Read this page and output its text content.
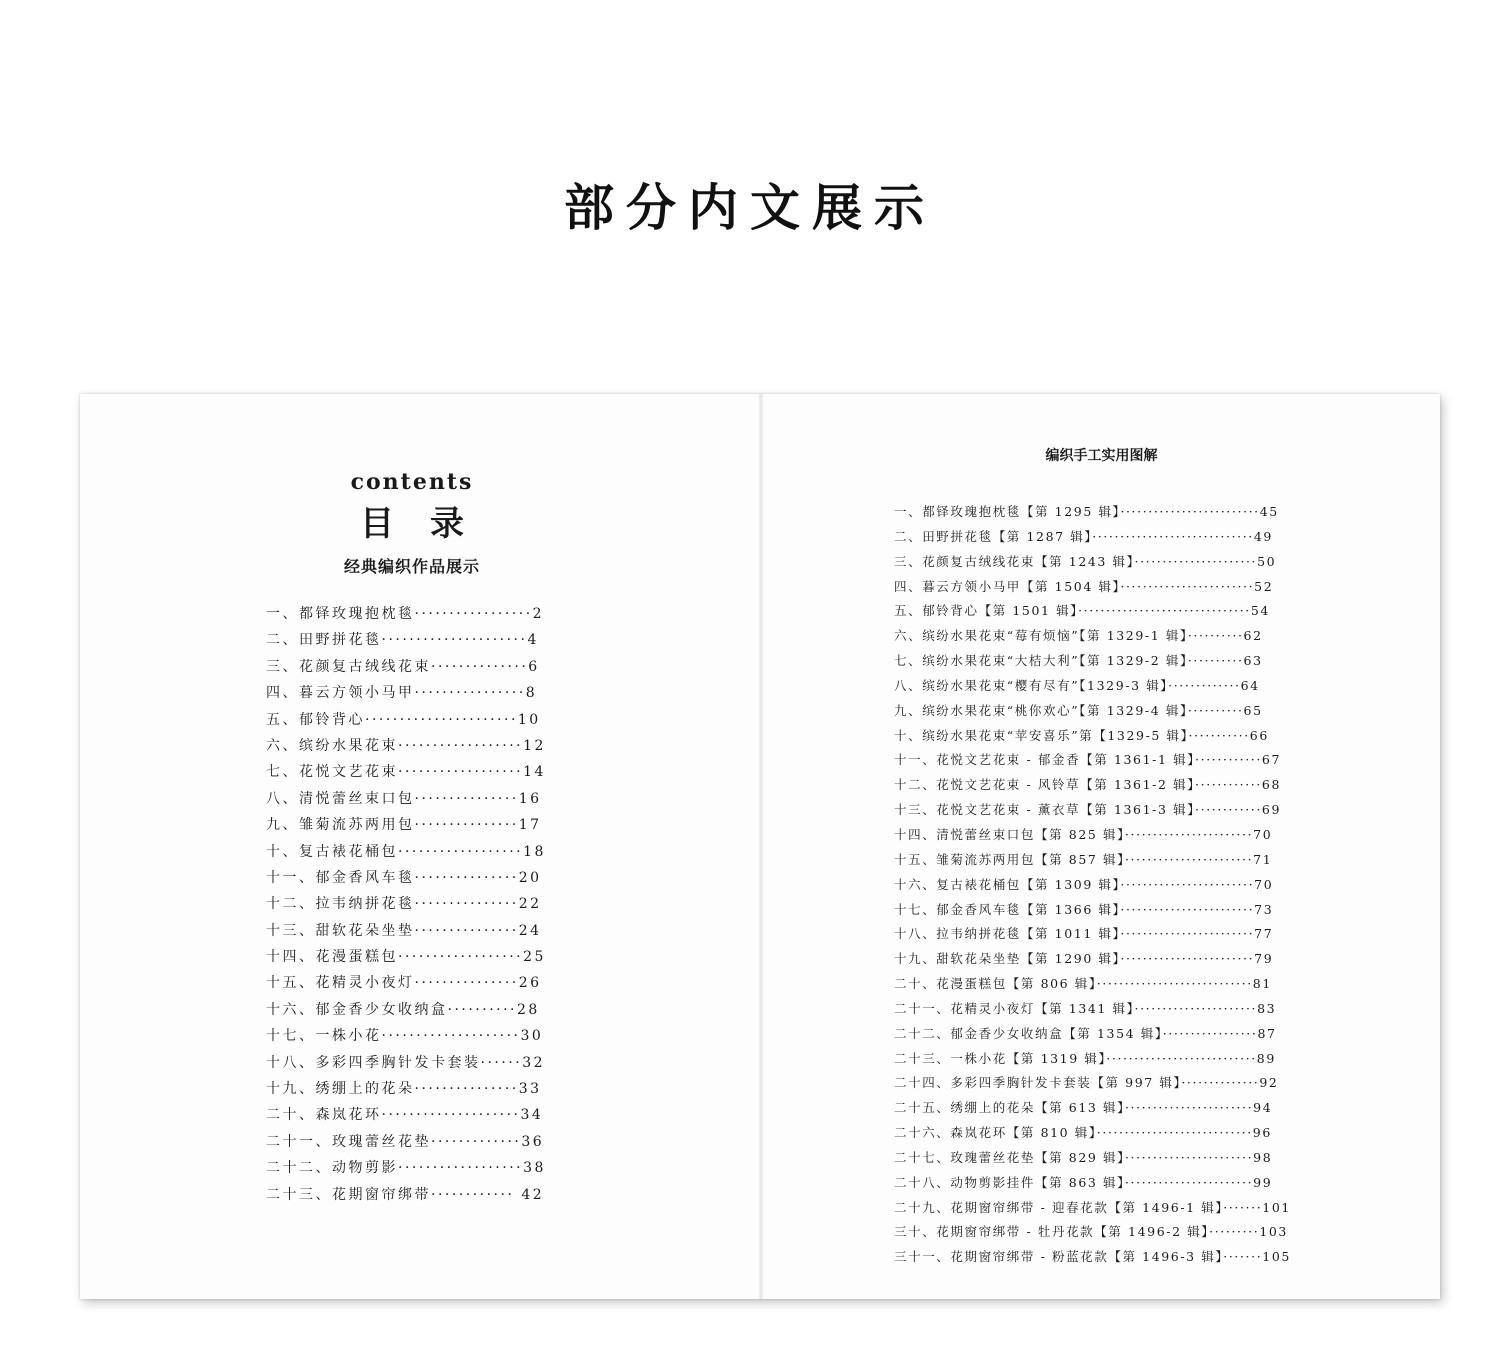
部分内文展示
contents
目录
经典编织作品展示
一、都铎玫瑰抱枕毯·················2
二、田野拼花毯·····················4
三、花颜复古绒线花束··············6
四、暮云方领小马甲················8
五、郁铃背心······················10
六、缤纷水果花束··················12
七、花悦文艺花束··················14
八、清悦蕾丝束口包···············16
九、雏菊流苏两用包···············17
十、复古裱花桶包··················18
十一、郁金香风车毯···············20
十二、拉韦纳拼花毯···············22
十三、甜软花朵坐垫···············24
十四、花漫蛋糕包··················25
十五、花精灵小夜灯···············26
十六、郁金香少女收纳盒··········28
十七、一株小花····················30
十八、多彩四季胸针发卡套装······32
十九、绣绷上的花朵···············33
二十、森岚花环····················34
二十一、玫瑰蕾丝花垫·············36
二十二、动物剪影··················38
二十三、花期窗帘绑带············ 42
编织手工实用图解
一、都铎玫瑰抱枕毯【第 1295 辑】·························45
二、田野拼花毯【第 1287 辑】·····························49
三、花颜复古绒线花束【第 1243 辑】······················50
四、暮云方领小马甲【第 1504 辑】························52
五、郁铃背心【第 1501 辑】·······························54
六、缤纷水果花束“莓有烦恼”【第 1329-1 辑】··········62
七、缤纷水果花束“大桔大利”【第 1329-2 辑】··········63
八、缤纷水果花束“樱有尽有”【1329-3 辑】·············64
九、缤纷水果花束“桃你欢心”【第 1329-4 辑】··········65
十、缤纷水果花束“苹安喜乐”第【1329-5 辑】···········66
十一、花悦文艺花束 - 郁金香【第 1361-1 辑】············67
十二、花悦文艺花束 - 风铃草【第 1361-2 辑】············68
十三、花悦文艺花束 - 薰衣草【第 1361-3 辑】············69
十四、清悦蕾丝束口包【第 825 辑】·······················70
十五、雏菊流苏两用包【第 857 辑】·······················71
十六、复古裱花桶包【第 1309 辑】························70
十七、郁金香风车毯【第 1366 辑】························73
十八、拉韦纳拼花毯【第 1011 辑】························77
十九、甜软花朵坐垫【第 1290 辑】························79
二十、花漫蛋糕包【第 806 辑】····························81
二十一、花精灵小夜灯【第 1341 辑】······················83
二十二、郁金香少女收纳盒【第 1354 辑】·················87
二十三、一株小花【第 1319 辑】···························89
二十四、多彩四季胸针发卡套装【第 997 辑】··············92
二十五、绣绷上的花朵【第 613 辑】·······················94
二十六、森岚花环【第 810 辑】····························96
二十七、玫瑰蕾丝花垫【第 829 辑】·······················98
二十八、动物剪影挂件【第 863 辑】·······················99
二十九、花期窗帘绑带 - 迎春花款【第 1496-1 辑】·······101
三十、花期窗帘绑带 - 牡丹花款【第 1496-2 辑】·········103
三十一、花期窗帘绑带 - 粉蓝花款【第 1496-3 辑】·······105
